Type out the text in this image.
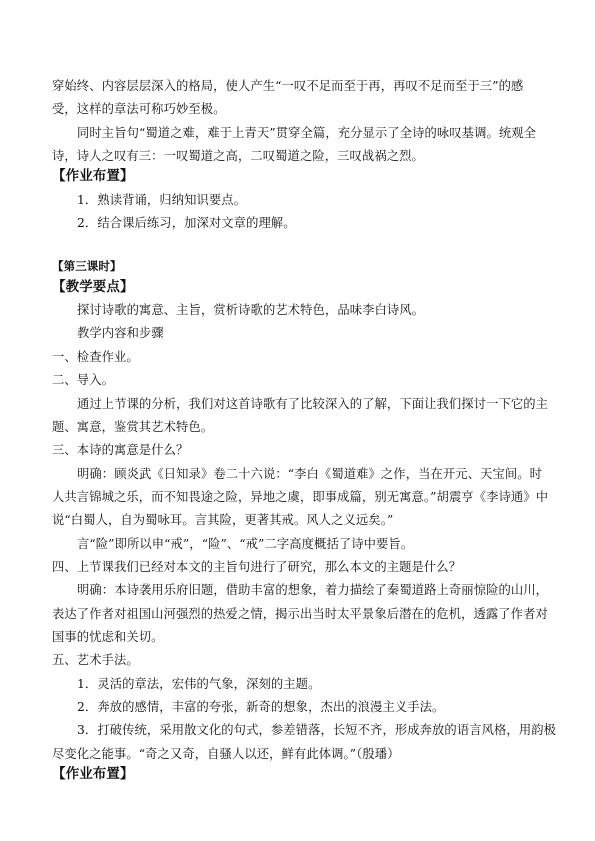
穿始终、内容层层深入的格局，使人产生“一叹不足而至于再，再叹不足而至于三”的感
受，这样的章法可称巧妙至极。
同时主旨句“蜀道之难，难于上青天”贯穿全篇，充分显示了全诗的咏叹基调。统观全
诗，诗人之叹有三：一叹蜀道之高，二叹蜀道之险，三叹战祸之烈。
【作业布置】
1．熟读背诵，归纳知识要点。
2．结合课后练习，加深对文章的理解。
【第三课时】
【教学要点】
探讨诗歌的寓意、主旨，赏析诗歌的艺术特色，品味李白诗风。
教学内容和步骤
一、检查作业。
二、导入。
通过上节课的分析，我们对这首诗歌有了比较深入的了解，下面让我们探讨一下它的主
题、寓意，鉴赏其艺术特色。
三、本诗的寓意是什么？
明确：顾炎武《日知录》卷二十六说：“李白《蜀道难》之作，当在开元、天宝间。时
人共言锦城之乐，而不知畏途之险，异地之虞，即事成篇，别无寓意。”胡震亨《李诗通》中
说“白蜀人，自为蜀咏耳。言其险，更著其戒。风人之义远矣。”
言“险”即所以申“戒”，“险”、“戒”二字高度概括了诗中要旨。
四、上节课我们已经对本文的主旨句进行了研究，那么本文的主题是什么？
明确：本诗袭用乐府旧题，借助丰富的想象，着力描绘了秦蜀道路上奇丽惊险的山川，
表达了作者对祖国山河强烈的热爱之情，揭示出当时太平景象后潜在的危机，透露了作者对
国事的忧虑和关切。
五、艺术手法。
1．灵活的章法，宏伟的气象，深刻的主题。
2．奔放的感情，丰富的夸张，新奇的想象，杰出的浪漫主义手法。
3．打破传统，采用散文化的句式，参差错落，长短不齐，形成奔放的语言风格，用韵极
尽变化之能事。“奇之又奇，自骚人以还，鲜有此体调。”（殷璠）
【作业布置】
